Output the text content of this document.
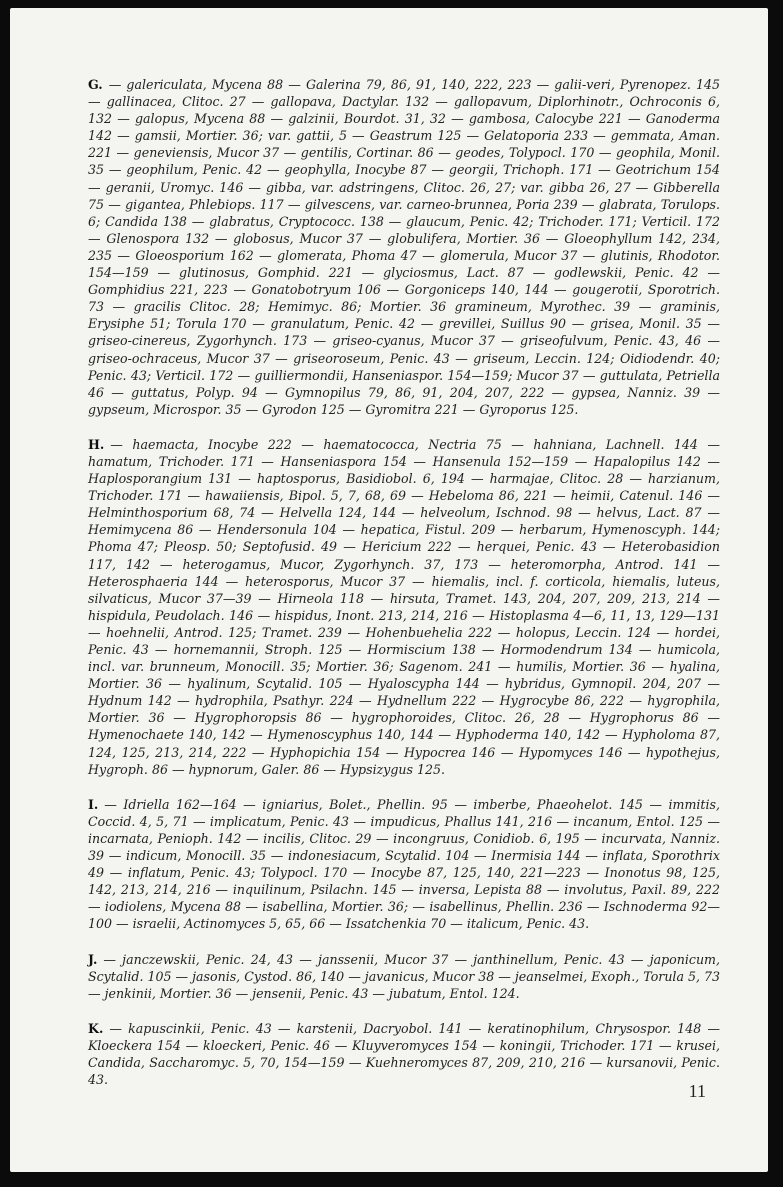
G. — galericulata, Mycena 88 — Galerina 79, 86, 91, 140, 222, 223 — galii-veri, Pyrenopez. 145 — gallinacea, Clitoc. 27 — gallopava, Dactylar. 132 — gallopavum, Diplorhinotr., Ochroconis 6, 132 — galopus, Mycena 88 — galzinii, Bourdot. 31, 32 — gambosa, Calocybe 221 — Ganoderma 142 — gamsii, Mortier. 36; var. gattii, 5 — Geastrum 125 — Gelatoporia 233 — gemmata, Aman. 221 — geneviensis, Mucor 37 — gentilis, Cortinar. 86 — geodes, Tolypocl. 170 — geophila, Monil. 35 — geophilum, Penic. 42 — geophylla, Inocybe 87 — georgii, Trichoph. 171 — Geotrichum 154 — geranii, Uromyc. 146 — gibba, var. adstringens, Clitoc. 26, 27; var. gibba 26, 27 — Gibberella 75 — gigantea, Phlebiops. 117 — gilvescens, var. carneo-brunnea, Poria 239 — glabrata, Torulops. 6; Candida 138 — glabratus, Cryptococc. 138 — glaucum, Penic. 42; Trichoder. 171; Verticil. 172 — Glenospora 132 — globosus, Mucor 37 — globulifera, Mortier. 36 — Gloeophyllum 142, 234, 235 — Gloeosporium 162 — glomerata, Phoma 47 — glomerula, Mucor 37 — glutinis, Rhodotor. 154—159 — glutinosus, Gomphid. 221 — glyciosmus, Lact. 87 — godlewskii, Penic. 42 — Gomphidius 221, 223 — Gonatobotryum 106 — Gorgoniceps 140, 144 — gougerotii, Sporotrich. 73 — gracilis Clitoc. 28; Hemimyc. 86; Mortier. 36 gramineum, Myrothec. 39 — graminis, Erysiphe 51; Torula 170 — granulatum, Penic. 42 — grevillei, Suillus 90 — grisea, Monil. 35 — griseo-cinereus, Zygorhynch. 173 — griseo-cyanus, Mucor 37 — griseofulvum, Penic. 43, 46 — griseo-ochraceus, Mucor 37 — griseoroseum, Penic. 43 — griseum, Leccin. 124; Oidiodendr. 40; Penic. 43; Verticil. 172 — guilliermondii, Hanseniaspor. 154—159; Mucor 37 — guttulata, Petriella 46 — guttatus, Polyp. 94 — Gymnopilus 79, 86, 91, 204, 207, 222 — gypsea, Nanniz. 39 — gypseum, Microspor. 35 — Gyrodon 125 — Gyromitra 221 — Gyroporus 125.

H. — haemacta, Inocybe 222 — haematococca, Nectria 75 — hahniana, Lachnell. 144 — hamatum, Trichoder. 171 — Hanseniaspora 154 — Hansenula 152—159 — Hapalopilus 142 — Haplosporangium 131 — haptosporus, Basidiobol. 6, 194 — harmajae, Clitoc. 28 — harzianum, Trichoder. 171 — hawaiiensis, Bipol. 5, 7, 68, 69 — Hebeloma 86, 221 — heimii, Catenul. 146 — Helminthosporium 68, 74 — Helvella 124, 144 — helveolum, Ischnod. 98 — helvus, Lact. 87 — Hemimycena 86 — Hendersonula 104 — hepatica, Fistul. 209 — herbarum, Hymenoscyph. 144; Phoma 47; Pleosp. 50; Septofusid. 49 — Hericium 222 — herquei, Penic. 43 — Heterobasidion 117, 142 — heterogamus, Mucor, Zygorhynch. 37, 173 — heteromorpha, Antrod. 141 — Heterosphaeria 144 — heterosporus, Mucor 37 — hiemalis, incl. f. corticola, hiemalis, luteus, silvaticus, Mucor 37—39 — Hirneola 118 — hirsuta, Tramet. 143, 204, 207, 209, 213, 214 — hispidula, Peudolach. 146 — hispidus, Inont. 213, 214, 216 — Histoplasma 4—6, 11, 13, 129—131 — hoehnelii, Antrod. 125; Tramet. 239 — Hohenbuehelia 222 — holopus, Leccin. 124 — hordei, Penic. 43 — hornemannii, Stroph. 125 — Hormiscium 138 — Hormodendrum 134 — humicola, incl. var. brunneum, Monocill. 35; Mortier. 36; Sagenom. 241 — humilis, Mortier. 36 — hyalina, Mortier. 36 — hyalinum, Scytalid. 105 — Hyaloscypha 144 — hybridus, Gymnopil. 204, 207 — Hydnum 142 — hydrophila, Psathyr. 224 — Hydnellum 222 — Hygrocybe 86, 222 — hygrophila, Mortier. 36 — Hygrophoropsis 86 — hygrophoroides, Clitoc. 26, 28 — Hygrophorus 86 — Hymenochaete 140, 142 — Hymenoscyphus 140, 144 — Hyphoderma 140, 142 — Hypholoma 87, 124, 125, 213, 214, 222 — Hyphopichia 154 — Hypocrea 146 — Hypomyces 146 — hypothejus, Hygroph. 86 — hypnorum, Galer. 86 — Hypsizygus 125.

I. — Idriella 162—164 — igniarius, Bolet., Phellin. 95 — imberbe, Phaeohelot. 145 — immitis, Coccid. 4, 5, 71 — implicatum, Penic. 43 — impudicus, Phallus 141, 216 — incanum, Entol. 125 — incarnata, Penioph. 142 — incilis, Clitoc. 29 — incongruus, Conidiob. 6, 195 — incurvata, Nanniz. 39 — indicum, Monocill. 35 — indonesiacum, Scytalid. 104 — Inermisia 144 — inflata, Sporothrix 49 — inflatum, Penic. 43; Tolypocl. 170 — Inocybe 87, 125, 140, 221—223 — Inonotus 98, 125, 142, 213, 214, 216 — inquilinum, Psilachn. 145 — inversa, Lepista 88 — involutus, Paxil. 89, 222 — iodiolens, Mycena 88 — isabellina, Mortier. 36; — isabellinus, Phellin. 236 — Ischnoderma 92—100 — israelii, Actinomyces 5, 65, 66 — Issatchenkia 70 — italicum, Penic. 43.

J. — janczewskii, Penic. 24, 43 — janssenii, Mucor 37 — janthinellum, Penic. 43 — japonicum, Scytalid. 105 — jasonis, Cystod. 86, 140 — javanicus, Mucor 38 — jeanselmei, Exoph., Torula 5, 73 — jenkinii, Mortier. 36 — jensenii, Penic. 43 — jubatum, Entol. 124.

K. — kapuscinkii, Penic. 43 — karstenii, Dacryobol. 141 — keratinophilum, Chrysospor. 148 — Kloeckera 154 — kloeckeri, Penic. 46 — Kluyveromyces 154 — koningii, Trichoder. 171 — krusei, Candida, Saccharomyc. 5, 70, 154—159 — Kuehneromyces 87, 209, 210, 216 — kursanovii, Penic. 43.

11
